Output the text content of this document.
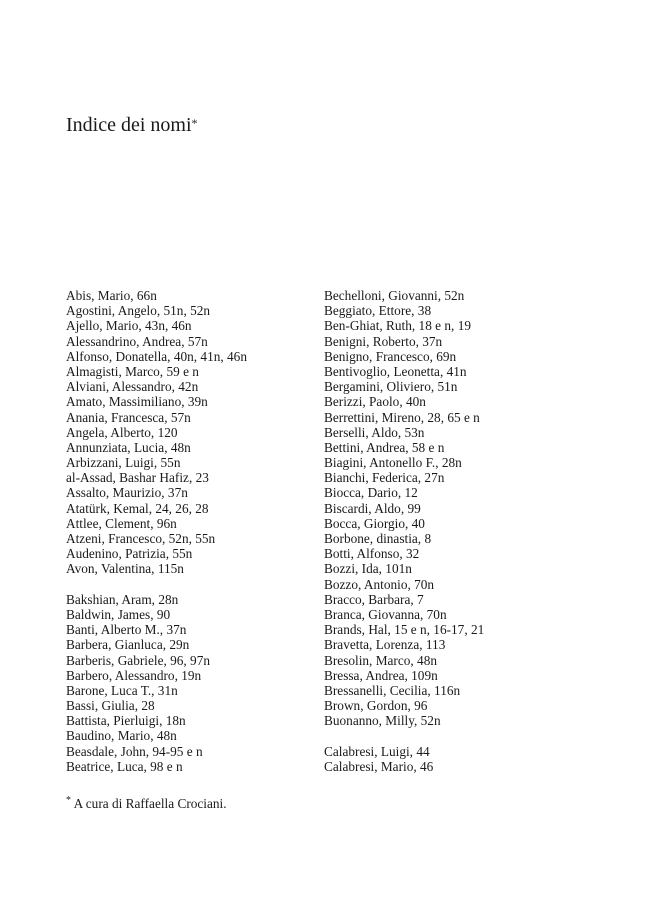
Indice dei nomi*
Abis, Mario, 66n
Agostini, Angelo, 51n, 52n
Ajello, Mario, 43n, 46n
Alessandrino, Andrea, 57n
Alfonso, Donatella, 40n, 41n, 46n
Almagisti, Marco, 59 e n
Alviani, Alessandro, 42n
Amato, Massimiliano, 39n
Anania, Francesca, 57n
Angela, Alberto, 120
Annunziata, Lucia, 48n
Arbizzani, Luigi, 55n
al-Assad, Bashar Hafiz, 23
Assalto, Maurizio, 37n
Atatürk, Kemal, 24, 26, 28
Attlee, Clement, 96n
Atzeni, Francesco, 52n, 55n
Audenino, Patrizia, 55n
Avon, Valentina, 115n
Bakshian, Aram, 28n
Baldwin, James, 90
Banti, Alberto M., 37n
Barbera, Gianluca, 29n
Barberis, Gabriele, 96, 97n
Barbero, Alessandro, 19n
Barone, Luca T., 31n
Bassi, Giulia, 28
Battista, Pierluigi, 18n
Baudino, Mario, 48n
Beasdale, John, 94-95 e n
Beatrice, Luca, 98 e n
Bechelloni, Giovanni, 52n
Beggiato, Ettore, 38
Ben-Ghiat, Ruth, 18 e n, 19
Benigni, Roberto, 37n
Benigno, Francesco, 69n
Bentivoglio, Leonetta, 41n
Bergamini, Oliviero, 51n
Berizzi, Paolo, 40n
Berrettini, Mireno, 28, 65 e n
Berselli, Aldo, 53n
Bettini, Andrea, 58 e n
Biagini, Antonello F., 28n
Bianchi, Federica, 27n
Biocca, Dario, 12
Biscardi, Aldo, 99
Bocca, Giorgio, 40
Borbone, dinastia, 8
Botti, Alfonso, 32
Bozzi, Ida, 101n
Bozzo, Antonio, 70n
Bracco, Barbara, 7
Branca, Giovanna, 70n
Brands, Hal, 15 e n, 16-17, 21
Bravetta, Lorenza, 113
Bresolin, Marco, 48n
Bressa, Andrea, 109n
Bressanelli, Cecilia, 116n
Brown, Gordon, 96
Buonanno, Milly, 52n
Calabresi, Luigi, 44
Calabresi, Mario, 46
* A cura di Raffaella Crociani.
